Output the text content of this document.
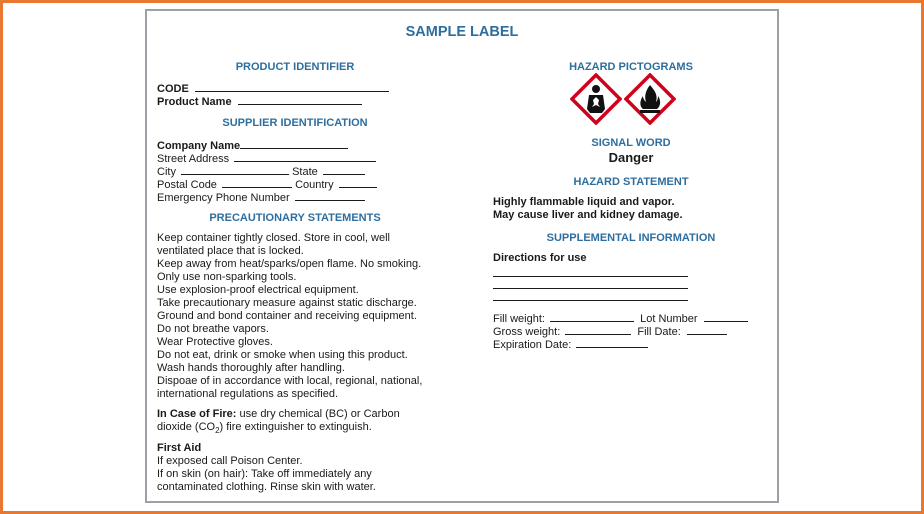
SAMPLE LABEL
PRODUCT IDENTIFIER
CODE
Product Name
SUPPLIER IDENTIFICATION
Company Name
Street Address
City	State
Postal Code	Country
Emergency Phone Number
PRECAUTIONARY STATEMENTS
Keep container tightly closed. Store in cool, well
ventilated place that is locked.
Keep away from heat/sparks/open flame. No smoking.
Only use non-sparking tools.
Use explosion-proof electrical equipment.
Take precautionary measure against static discharge.
Ground and bond container and receiving equipment.
Do not breathe vapors.
Wear Protective gloves.
Do not eat, drink or smoke when using this product.
Wash hands thoroughly after handling.
Dispoae of in accordance with local, regional, national,
international regulations as specified.
In Case of Fire: use dry chemical (BC) or Carbon
dioxide $(CO_2)$ fire extinguisher to extinguish.
First Aid
If exposed call Poison Center.
If on skin (on hair): Take off immediately any
contaminated clothing. Rinse skin with water.
HAZARD PICTOGRAMS
SIGNAL WORD
Danger
HAZARD STATEMENT
Highly flammable liquid and vapor.
May cause liver and kidney damage.
SUPPLEMENTAL INFORMATION
Directions for use
Fill weight:	Lot Number
Gross weight:	Fill Date:
Expiration Date:
